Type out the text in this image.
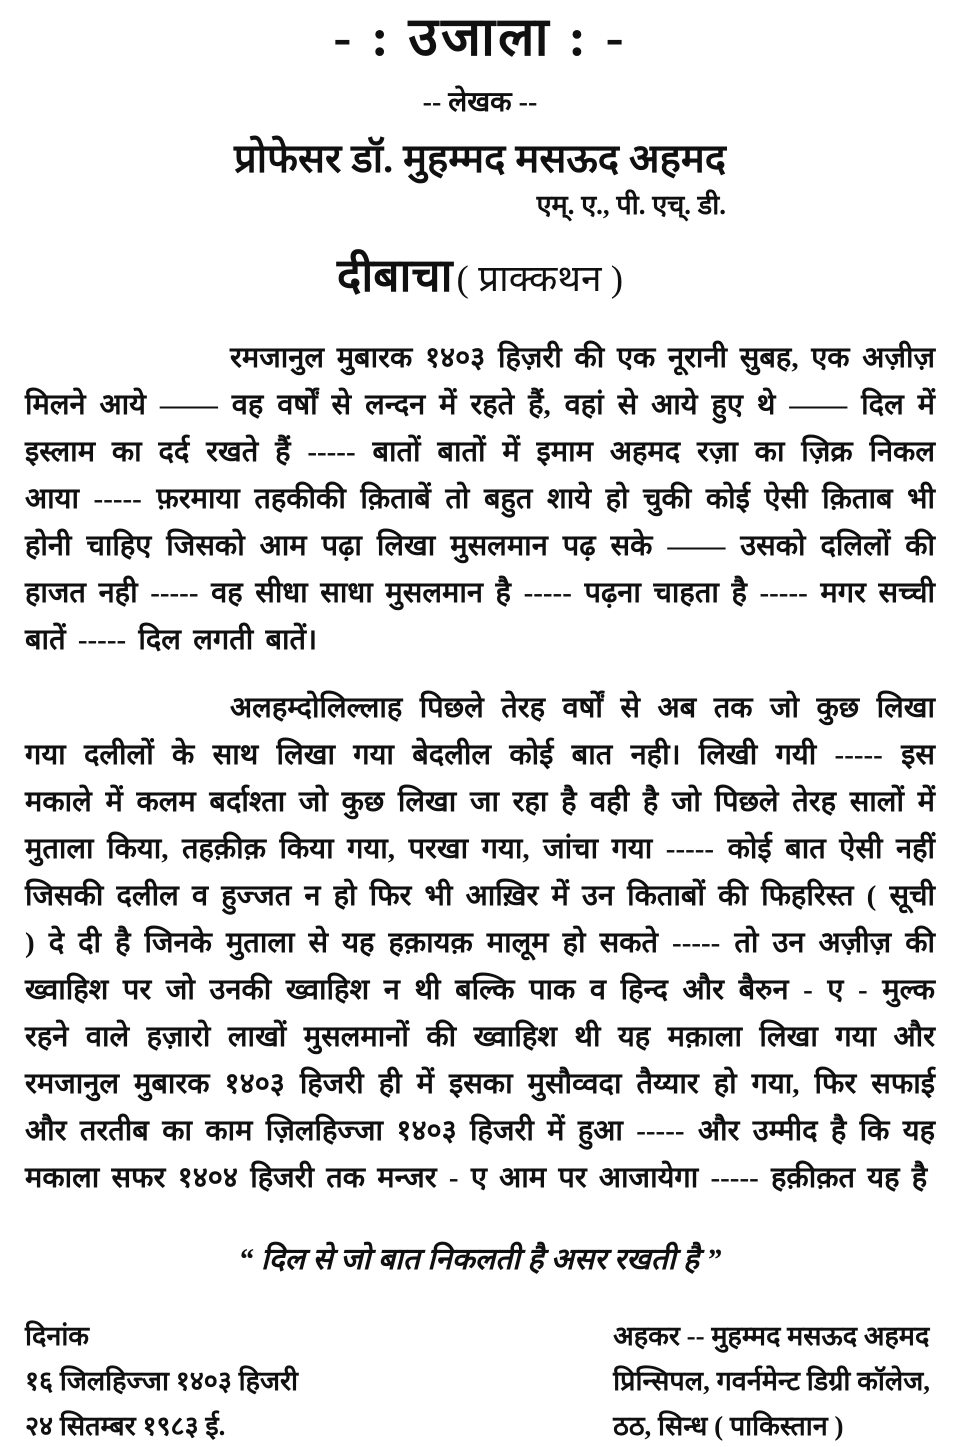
- : उजाला : -
-- लेखक --
प्रोफेसर डॉ. मुहम्मद मसऊद अहमद
एम्. ए., पी. एच्. डी.
दीबाचा ( प्राक्कथन )

रमजानुल मुबारक १४०३ हिज़री की एक नूरानी सुबह, एक अज़ीज़ मिलने आये —— वह वर्षों से लन्दन में रहते हैं, वहां से आये हुए थे —— दिल में इस्लाम का दर्द रखते हैं ----- बातों बातों में इमाम अहमद रज़ा का ज़िक्र निकल आया ----- फ़रमाया तहकीकी क़िताबें तो बहुत शाये हो चुकी कोई ऐसी क़िताब भी होनी चाहिए जिसको आम पढ़ा लिखा मुसलमान पढ़ सके —— उसको दलिलों की हाजत नही ----- वह सीधा साधा मुसलमान है ----- पढ़ना चाहता है ----- मगर सच्ची बातें ----- दिल लगती बातें।

अलहम्दोलिल्लाह पिछले तेरह वर्षों से अब तक जो कुछ लिखा गया दलीलों के साथ लिखा गया बेदलील कोई बात नही। लिखी गयी ----- इस मकाले में कलम बर्दाश्ता जो कुछ लिखा जा रहा है वही है जो पिछले तेरह सालों में मुताला किया, तहक़ीक़ किया गया, परखा गया, जांचा गया ----- कोई बात ऐसी नहीं जिसकी दलील व हुज्जत न हो फिर भी आख़िर में उन किताबों की फिहरिस्त ( सूची ) दे दी है जिनके मुताला से यह हक़ायक़ मालूम हो सकते ----- तो उन अज़ीज़ की ख्वाहिश पर जो उनकी ख्वाहिश न थी बल्कि पाक व हिन्द और बैरुन - ए - मुल्क रहने वाले हज़ारो लाखों मुसलमानों की ख्वाहिश थी यह मक़ाला लिखा गया और रमजानुल मुबारक १४०३ हिजरी ही में इसका मुसौव्वदा तैय्यार हो गया, फिर सफाई और तरतीब का काम ज़िलहिज्जा १४०३ हिजरी में हुआ ----- और उम्मीद है कि यह मकाला सफर १४०४ हिजरी तक मन्जर - ए आम पर आजायेगा ----- हक़ीक़त यह है

“ दिल से जो बात निकलती है असर रखती है ”
दिनांक
१६ जिलहिज्जा १४०३ हिजरी
२४ सितम्बर १९८३ ई.
अहकर -- मुहम्मद मसऊद अहमद
प्रिन्सिपल, गवर्नमेन्ट डिग्री कॉलेज,
ठठ, सिन्ध ( पाकिस्तान )
